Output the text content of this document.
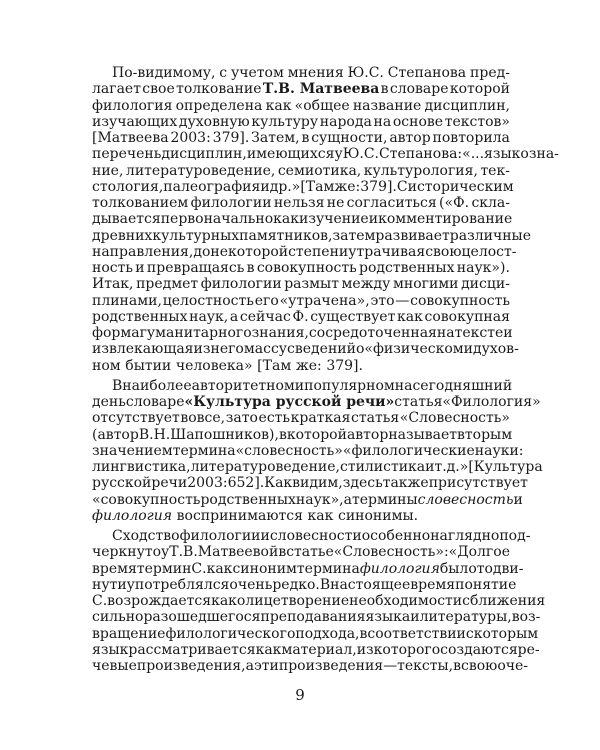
По-видимому, с учетом мнения Ю.С. Степанова пред-
лагает свое толкование Т.В. Матвеева в словаре которой
филология определена как «общее название дисциплин,
изучающих духовную культуру народа на основе текстов»
[Матвеева 2003: 379]. Затем, в сущности, автор повторила
перечень дисциплин, имеющихся у Ю.С. Степанова: «...языкозна-
ние, литературоведение, семиотика, культурология, тек-
стология, палеография и др.» [Там же: 379]. С историческим
толкованием филологии нельзя не согласиться («Ф. скла-
дывается первоначально как изучение и комментирование
древних культурных памятников, затем развивает различные
направления, до некоторой степени утрачивая свою целост-
ность и превращаясь в совокупность родственных наук»).
Итак, предмет филологии размыт между многими дисци-
плинами, целостность его «утрачена», это — совокупность
родственных наук, а сейчас Ф. существует как совокупная
форма гуманитарного знания, сосредоточенная на тексте и
извлекающая из него массу сведений о «физическом и духов-
ном бытии человека» [Там же: 379].
В наиболее авторитетном и популярном на сегодняшний
день словаре «Культура русской речи» статья «Филология»
отсутствует вовсе, зато есть краткая статья «Словесность»
(автор В.Н. Шапошников), в которой автор называет вторым
значением термина «словесность» «филологические науки:
лингвистика, литературоведение, стилистика и т.д.» [Культура
русской речи 2003: 652]. Как видим, здесь также присутствует
«совокупность родственных наук», а термины словесность и
филология воспринимаются как синонимы.
Сходство филологии и словесности особенно наглядно под-
черкнуто у Т.В. Матвеевой в статье «Словесность»: «Долгое
время термин С. как синоним термина филология был отодви-
нут и употреблялся очень редко. В настоящее время понятие
С. возрождается как олицетворение необходимости сближения
сильно разошедшегося преподавания языка и литературы, воз-
вращение филологического подхода, в соответствии с которым
язык рассматривается как материал, из которого создаются ре-
чевые произведения, а эти произведения — тексты, в свою оче-
9
